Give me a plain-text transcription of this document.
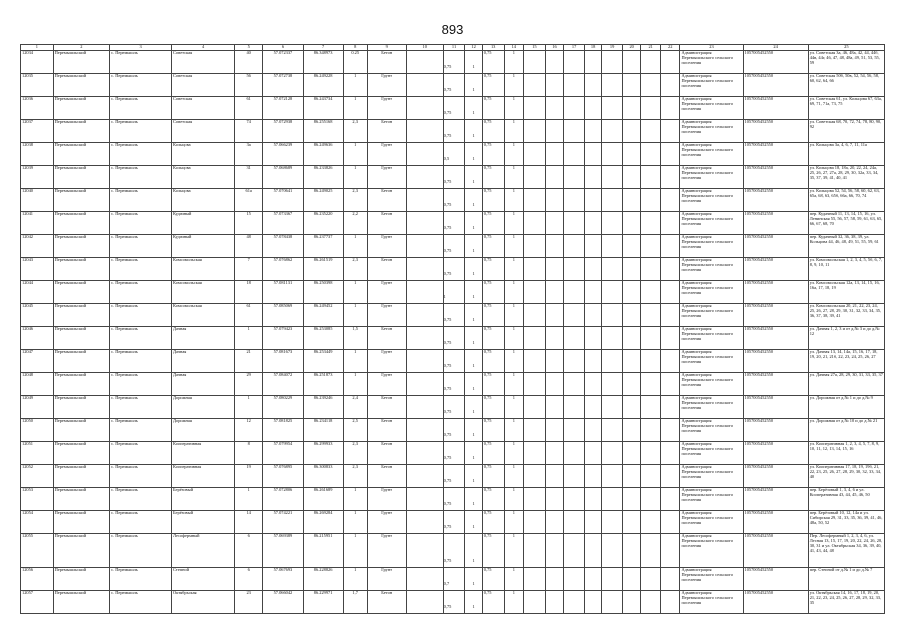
893
1	2	3	4	5	6	7	8	9	10	11	12	13	14	15	16	17	18	19	20	21	22	23	24	25
12034	Перемышльский	с. Перемышль	Советская	40	57.072337	86.348973	0.25	Бетон		0,75	1	0,75	1									Администрация Перемышльского сельского поселения	1057005452550	ул. Советская 3а, 46, 48а, 42, 44, 44б, 44в, 44г, 46, 47, 48, 48а, 49, 51, 53, 55, 59
12035	Перемышльский	с. Перемышль	Советская	56	57.072738	86.249228	1	Грунт		0,75	1	0,75	1									Администрация Перемышльского сельского поселения	1057005452550	ул. Советская 50б, 50в, 52, 54, 56, 58, 60, 62, 64, 66
12036	Перемышльский	с. Перемышль	Советская	61	57.072128	86.243734	1	Грунт		0,75	1	0,75	1									Администрация Перемышльского сельского поселения	1057005452550	ул. Советская 61, ул. Кольцова 67, 63а, 69, 71, 71а, 73, 75
12037	Перемышльский	с. Перемышль	Советская	74	57.072938	86.255168	2,3	Бетон		0,75	1	0,75	1									Администрация Перемышльского сельского поселения	1057005452550	ул. Советская 68, 70, 72, 74, 78, 80, 90, 92
12038	Перемышльский	с. Перемышль	Кольцова	3а	57.066239	86.249636	1	Грунт		0,5	1	0,75	1									Администрация Перемышльского сельского поселения	1057005452550	ул. Кольцова 3а, 4, 6, 7, 11, 11а
12039	Перемышльский	с. Перемышль	Кольцова	31	57.068689	86.233826	1	Грунт		0,75	1	0,75	1									Администрация Перемышльского сельского поселения	1057005452550	ул. Кольцова 18, 18а, 20, 22, 24, 24а, 25, 26, 27, 27а, 28, 29, 30, 32а, 33, 34, 35, 37, 39, 41, 40, 41
12040	Перемышльский	с. Перемышль	Кольцова	61а	57.070641	86.249025	2,3	Бетон		0,75	1	0,75	1									Администрация Перемышльского сельского поселения	1057005452550	ул. Кольцова 52, 54, 56, 58, 60, 62, 63, 65а, 68, 63, 65б, 66а, 66, 70, 74
12041	Перемышльский	с. Перемышль	Кудачный	15	57.073367	86.235220	2,2	Бетон		0,75	1	0,75	1									Администрация Перемышльского сельского поселения	1057005452550	пер. Кудачный 11, 13, 14, 15, 16, ул. Ленинская 55, 56, 57, 58, 59, 61, 63, 65, 66, 67, 68, 70
12042	Перемышльский	с. Перемышль	Кудачный	48	57.078438	86.237737	1	Грунт		0,75	1	0,75	1									Администрация Перемышльского сельского поселения	1057005452550	пер. Кудачный 32, 36, 38, 39, ул. Кольцова 44, 46, 48, 49, 51, 55, 59, 61
12043	Перемышльский	с. Перемышль	Комсомольская	7	57.076862	86.261519	2,3	Бетон		0,75	1	0,75	1									Администрация Перемышльского сельского поселения	1057005452550	ул. Комсомольская 1, 2, 3, 4, 5, 5б, 6, 7, 8, 9, 10, 11
12044	Перемышльский	с. Перемышль	Комсомольская	18	57.081131	86.250398	1	Грунт		1	1	0,75	1									Администрация Перемышльского сельского поселения	1057005452550	ул. Комсомольская 12а, 13, 14, 15, 16, 16а, 17, 18, 19
12045	Перемышльский	с. Перемышль	Комсомольская	61	57.085069	86.249452	1	Грунт		0,75	1	0,75	1									Администрация Перемышльского сельского поселения	1057005452550	ул. Комсомольская 20, 21, 22, 23, 24, 25, 26, 27, 28, 29, 30, 31, 32, 33, 34, 35, 36, 37, 38, 39, 41
12046	Перемышльский	с. Перемышль	Дачная	1	57.079423	86.253085	1,5	Бетон		0,75	1	0,75	1									Администрация Перемышльского сельского поселения	1057005452550	ул. Дачная 1, 2, 3 и от д.№ 3 и до д.№ 12
12047	Перемышльский	с. Перемышль	Дачная	21	57.081673	86.253449	1	Грунт		0,75	1	0,75	1									Администрация Перемышльского сельского поселения	1057005452550	ул. Дачная 13, 14, 14а, 15, 16, 17, 18, 19, 20, 21, 21б, 22, 23, 24, 25, 26, 27
12048	Перемышльский	с. Перемышль	Дачная	29	57.084072	86.251873	1	Грунт		0,75	1	0,75	1									Администрация Перемышльского сельского поселения	1057005452550	ул. Дачная 27а, 28, 29, 30, 31, 33, 35, 37
12049	Перемышльский	с. Перемышль	Дорожная	1	57.080229	86.239246	2,4	Бетон		0,75	1	0,75	1									Администрация Перемышльского сельского поселения	1057005452550	ул. Дорожная от д.№ 1 и до д.№ 9
12050	Перемышльский	с. Перемышль	Дорожная	12	57.081825	86.234118	2,5	Бетон		0,75	1	0,75	1									Администрация Перемышльского сельского поселения	1057005452550	ул. Дорожная от д.№ 10 и до д.№ 21
12051	Перемышльский	с. Перемышль	Кооперативная	8	57.079954	86.299933	2,3	Бетон		0,75	1	0,75	1									Администрация Перемышльского сельского поселения	1057005452550	ул. Кооперативная 1, 2, 3, 4, 5, 7, 8, 9, 10, 11, 12, 13, 14, 15, 16
12052	Перемышльский	с. Перемышль	Кооперативная	19	57.076895	86.300833	2,3	Бетон		0,75	1	0,75	1									Администрация Перемышльского сельского поселения	1057005452550	ул. Кооперативная 17, 18, 19, 19б, 21, 22, 23, 25, 26, 27, 28, 29, 30, 32, 33, 34, 40
12053	Перемышльский	с. Перемышль	Берёзовый	1	57.072806	86.261689	1	Грунт		0,75	1	0,75	1									Администрация Перемышльского сельского поселения	1057005452550	пер. Берёзовый 1, 3, 4, 6 и ул. Кооперативная 43, 44, 45, 46, 50
12054	Перемышльский	с. Перемышль	Берёзовый	14	57.074221	86.269284	1	Грунт		0,75	1	0,75	1									Администрация Перемышльского сельского поселения	1057005452550	пер. Берёзовый 10, 12, 14а и ул. Сибирская 29, 31, 33, 35, 36, 39, 41, 46, 48а, 50, 52
12055	Перемышльский	с. Перемышль	Лесофермный	6	57.069389	86.215951	1	Грунт		0,75	1	0,75	1									Администрация Перемышльского сельского поселения	1057005452550	Пер. Лесофермный 1, 2, 3, 4, 6, ул. Лесная 13, 15, 17, 19, 20, 22, 24, 26, 28, 30, 31 и ул. Октябрьская 34, 36, 39, 40, 41, 43, 44, 48
12056	Перемышльский	с. Перемышль	Степной	6	57.067693	86.228826	1	Грунт		0,7	1	0,75	1									Администрация Перемышльского сельского поселения	1057005452550	пер. Степной от д.№ 1 и до д.№ 7
12057	Перемышльский	с. Перемышль	Октябрьская	23	57.066042	86.229971	1,7	Бетон		0,75	1	0,75	1									Администрация Перемышльского сельского поселения	1057005452550	ул. Октябрьская 14, 16, 17, 18, 19, 20, 21, 22, 23, 24, 25, 26, 27, 28, 29, 32, 33, 35
